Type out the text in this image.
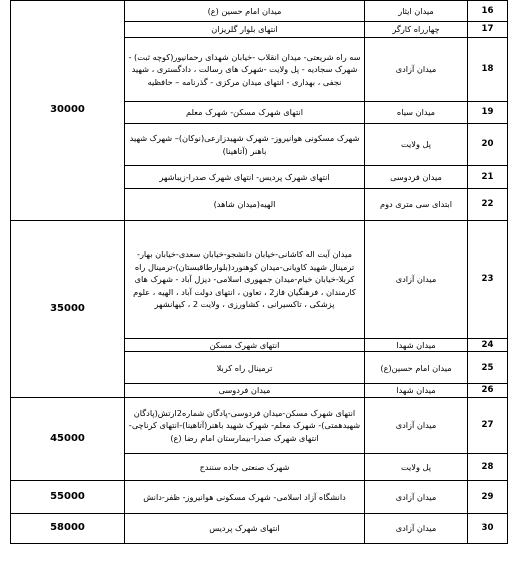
16	میدان ایثار	میدان امام حسین (ع)	30000
17	چهارراه کارگر	انتهای بلوار گلریزان	
18	میدان آزادی	سه راه شریعتی- میدان انقلاب -خیابان شهدای رحمانیور(کوچه ثبت) - شهرک سجادیه - پل ولایت -شهرک های رسالت ، دادگستری ، شهید نجفی ، بهداری - انتهای میدان مرکزی - گذرنامه – حافظیه	
19	میدان سیاه	انتهای شهرک مسکن- شهرک معلم	
20	پل ولایت	شهرک مسکونی هوانیروز- شهرک شهیدزارعی(نوکان)– شهرک شهید باهنر (آتاهینا)	
21	میدان فردوسی	انتهای شهرک پردیس- انتهای شهرک صدرا-زیباشهر	
22	ابتدای سی متری دوم	الهیه(میدان شاهد)	
23	میدان آزادی	میدان آیت اله کاشانی-خیابان دانشجو-خیابان سعدی-خیابان بهار-ترمینال شهید کاویانی-میدان کوهنورد(بلوارطاقبستان)-ترمینال راه کربلا-خیابان خیام-میدان جمهوری اسلامی- دیزل آباد - شهرک های کارمندان ، فرهنگیان فاز2 ، تعاون ، انتهای دولت آباد ، الهیه ، علوم پزشکی ، تاکسیرانی ، کشاورزی ، ولایت 2 ، کیهانشهر	35000
24	میدان شهدا	انتهای شهرک مسکن	
25	میدان امام حسین(ع)	ترمینال راه کربلا	
26	میدان شهدا	میدان فردوسی	
27	میدان آزادی	انتهای شهرک مسکن-میدان فردوسی-پادگان شماره2ارتش(پادگان شهیدهمتی)- شهرک معلم- شهرک شهید باهنر(آتاهینا)-انتهای کرناچی-انتهای شهرک صدرا-بیمارستان امام رضا (ع)	45000
28	پل ولایت	شهرک صنعتی جاده سنندج	
29	میدان آزادی	دانشگاه آزاد اسلامی- شهرک مسکونی هوانیروز- ظفر-دانش	55000
30	میدان آزادی	انتهای شهرک پردیس	58000
